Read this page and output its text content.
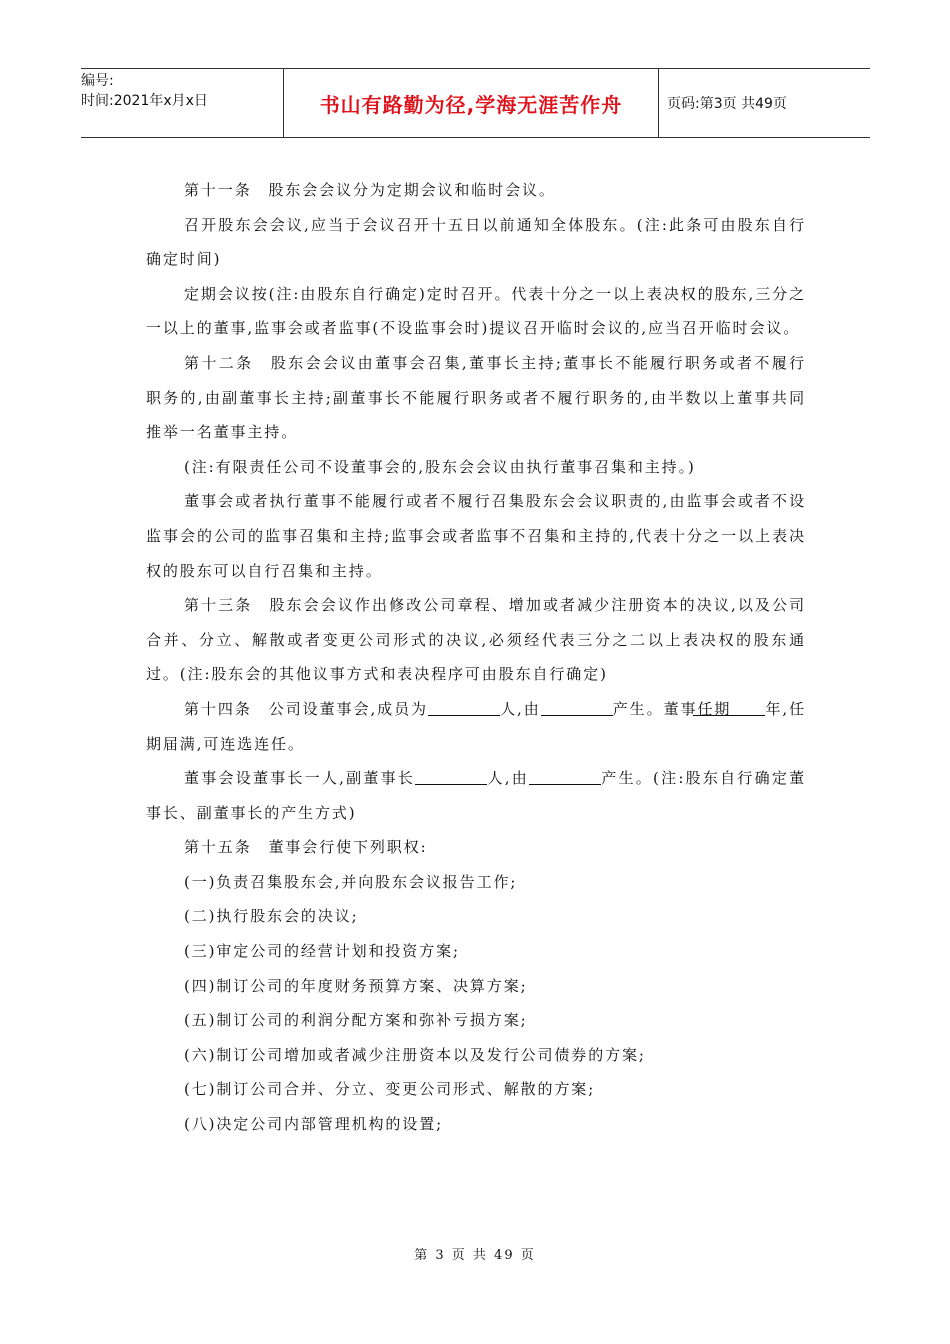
编号:
时间:2021年x月x日	书山有路勤为径,学海无涯苦作舟	页码:第3页 共49页

第十一条　股东会会议分为定期会议和临时会议。

召开股东会会议,应当于会议召开十五日以前通知全体股东。(注:此条可由股东自行确定时间)

定期会议按(注:由股东自行确定)定时召开。代表十分之一以上表决权的股东,三分之一以上的董事,监事会或者监事(不设监事会时)提议召开临时会议的,应当召开临时会议。

第十二条　股东会会议由董事会召集,董事长主持;董事长不能履行职务或者不履行职务的,由副董事长主持;副董事长不能履行职务或者不履行职务的,由半数以上董事共同推举一名董事主持。

(注:有限责任公司不设董事会的,股东会会议由执行董事召集和主持。)

董事会或者执行董事不能履行或者不履行召集股东会会议职责的,由监事会或者不设监事会的公司的监事召集和主持;监事会或者监事不召集和主持的,代表十分之一以上表决权的股东可以自行召集和主持。

第十三条　股东会会议作出修改公司章程、增加或者减少注册资本的决议,以及公司合并、分立、解散或者变更公司形式的决议,必须经代表三分之二以上表决权的股东通过。(注:股东会的其他议事方式和表决程序可由股东自行确定)

第十四条　公司设董事会,成员为	人,由	产生。董事任期 年,任期届满,可连选连任。

董事会设董事长一人,副董事长	人,由	产生。(注:股东自行确定董事长、副董事长的产生方式)

第十五条　董事会行使下列职权:

(一)负责召集股东会,并向股东会议报告工作;

(二)执行股东会的决议;

(三)审定公司的经营计划和投资方案;

(四)制订公司的年度财务预算方案、决算方案;

(五)制订公司的利润分配方案和弥补亏损方案;

(六)制订公司增加或者减少注册资本以及发行公司债券的方案;

(七)制订公司合并、分立、变更公司形式、解散的方案;

(八)决定公司内部管理机构的设置;

第 3 页 共 49 页
